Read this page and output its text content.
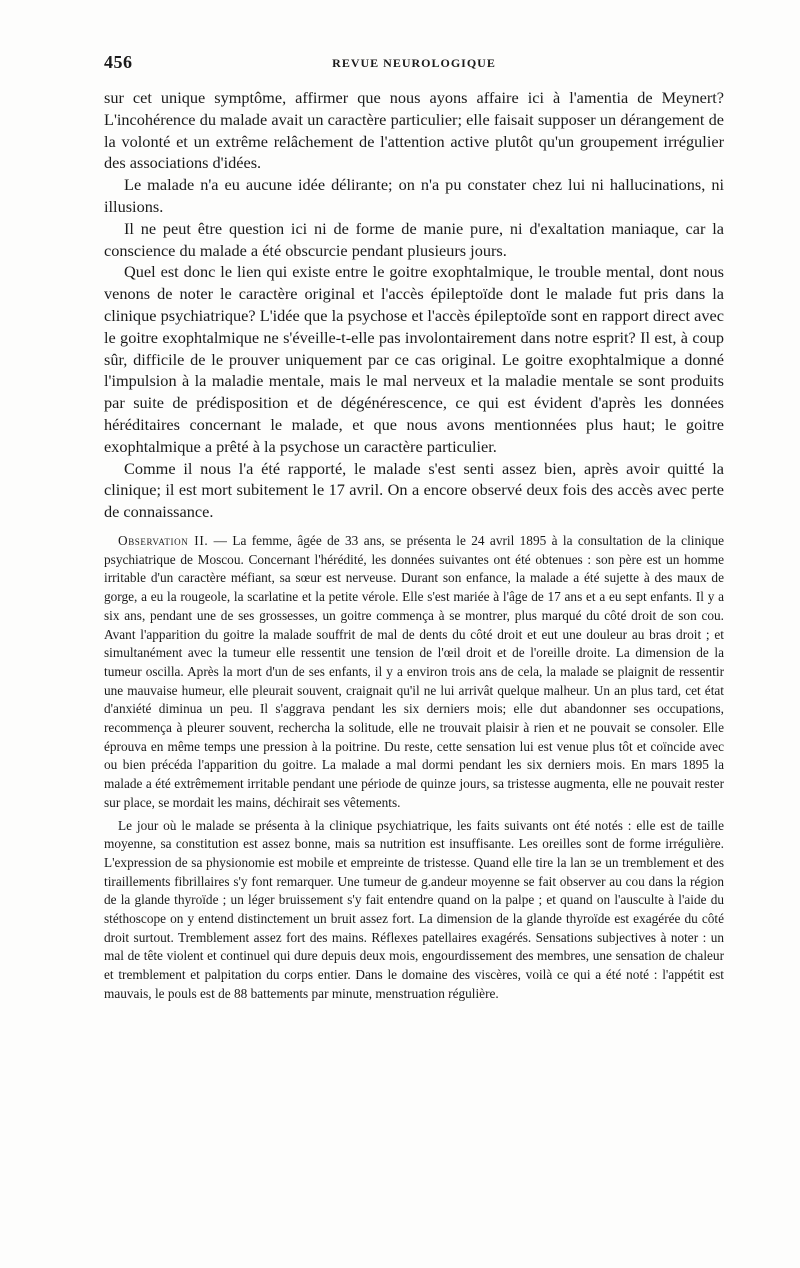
456	REVUE NEUROLOGIQUE

sur cet unique symptôme, affirmer que nous ayons affaire ici à l'amentia de Meynert? L'incohérence du malade avait un caractère particulier; elle faisait supposer un dérangement de la volonté et un extrême relâchement de l'attention active plutôt qu'un groupement irrégulier des associations d'idées.

Le malade n'a eu aucune idée délirante; on n'a pu constater chez lui ni hallucinations, ni illusions.

Il ne peut être question ici ni de forme de manie pure, ni d'exaltation maniaque, car la conscience du malade a été obscurcie pendant plusieurs jours.

Quel est donc le lien qui existe entre le goitre exophtalmique, le trouble mental, dont nous venons de noter le caractère original et l'accès épileptoïde dont le malade fut pris dans la clinique psychiatrique? L'idée que la psychose et l'accès épileptoïde sont en rapport direct avec le goitre exophtalmique ne s'éveille-t-elle pas involontairement dans notre esprit? Il est, à coup sûr, difficile de le prouver uniquement par ce cas original. Le goitre exophtalmique a donné l'impulsion à la maladie mentale, mais le mal nerveux et la maladie mentale se sont produits par suite de prédisposition et de dégénérescence, ce qui est évident d'après les données héréditaires concernant le malade, et que nous avons mentionnées plus haut; le goitre exophtalmique a prêté à la psychose un caractère particulier.

Comme il nous l'a été rapporté, le malade s'est senti assez bien, après avoir quitté la clinique; il est mort subitement le 17 avril. On a encore observé deux fois des accès avec perte de connaissance.

Observation II. — La femme, âgée de 33 ans, se présenta le 24 avril 1895 à la consultation de la clinique psychiatrique de Moscou. Concernant l'hérédité, les données suivantes ont été obtenues : son père est un homme irritable d'un caractère méfiant, sa sœur est nerveuse. Durant son enfance, la malade a été sujette à des maux de gorge, a eu la rougeole, la scarlatine et la petite vérole. Elle s'est mariée à l'âge de 17 ans et a eu sept enfants. Il y a six ans, pendant une de ses grossesses, un goitre commença à se montrer, plus marqué du côté droit de son cou. Avant l'apparition du goitre la malade souffrit de mal de dents du côté droit et eut une douleur au bras droit ; et simultanément avec la tumeur elle ressentit une tension de l'œil droit et de l'oreille droite. La dimension de la tumeur oscilla. Après la mort d'un de ses enfants, il y a environ trois ans de cela, la malade se plaignit de ressentir une mauvaise humeur, elle pleurait souvent, craignait qu'il ne lui arrivât quelque malheur. Un an plus tard, cet état d'anxiété diminua un peu. Il s'aggrava pendant les six derniers mois; elle dut abandonner ses occupations, recommença à pleurer souvent, rechercha la solitude, elle ne trouvait plaisir à rien et ne pouvait se consoler. Elle éprouva en même temps une pression à la poitrine. Du reste, cette sensation lui est venue plus tôt et coïncide avec ou bien précéda l'apparition du goitre. La malade a mal dormi pendant les six derniers mois. En mars 1895 la malade a été extrêmement irritable pendant une période de quinze jours, sa tristesse augmenta, elle ne pouvait rester sur place, se mordait les mains, déchirait ses vêtements.

Le jour où le malade se présenta à la clinique psychiatrique, les faits suivants ont été notés : elle est de taille moyenne, sa constitution est assez bonne, mais sa nutrition est insuffisante. Les oreilles sont de forme irrégulière. L'expression de sa physionomie est mobile et empreinte de tristesse. Quand elle tire la lan ɜe un tremblement et des tiraillements fibrillaires s'y font remarquer. Une tumeur de g.andeur moyenne se fait observer au cou dans la région de la glande thyroïde ; un léger bruissement s'y fait entendre quand on la palpe ; et quand on l'ausculte à l'aide du stéthoscope on y entend distinctement un bruit assez fort. La dimension de la glande thyroïde est exagérée du côté droit surtout. Tremblement assez fort des mains. Réflexes patellaires exagérés. Sensations subjectives à noter : un mal de tête violent et continuel qui dure depuis deux mois, engourdissement des membres, une sensation de chaleur et tremblement et palpitation du corps entier. Dans le domaine des viscères, voilà ce qui a été noté : l'appétit est mauvais, le pouls est de 88 battements par minute, menstruation régulière.
